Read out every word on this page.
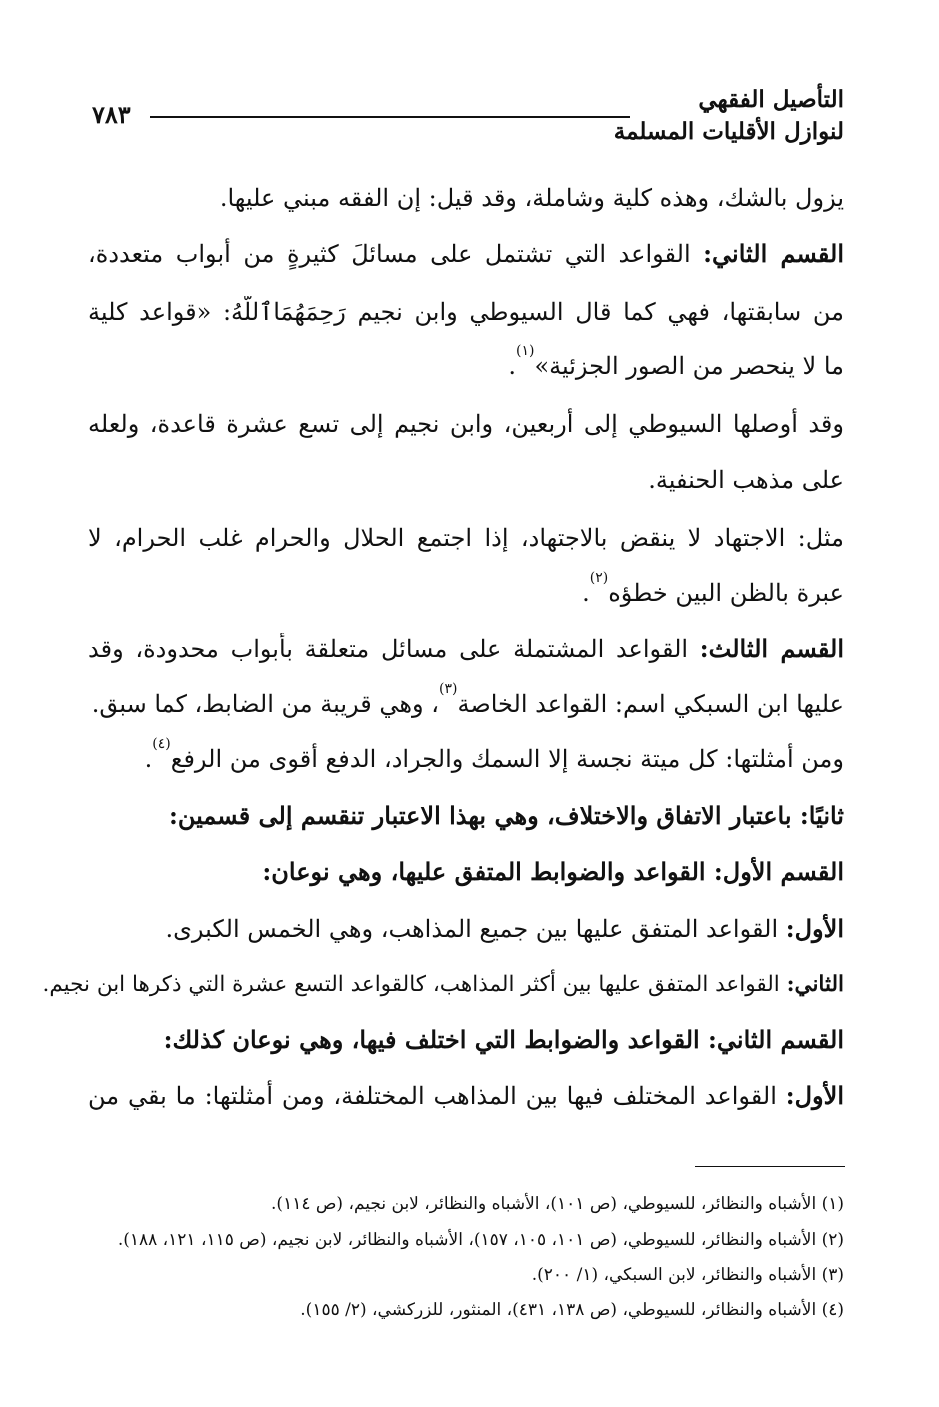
التأصيل الفقهي
لنوازل الأقليات المسلمة
٧٨٣
يزول بالشك، وهذه كلية وشاملة، وقد قيل: إن الفقه مبني عليها.
القسم الثاني: القواعد التي تشتمل على مسائلَ كثيرةٍ من أبواب متعددة،
من سابقتها، فهي كما قال السيوطي وابن نجيم رَحِمَهُمَاٱللَّهُ: «قواعد كلية
ما لا ينحصر من الصور الجزئية»$^{(١)}$.
وقد أوصلها السيوطي إلى أربعين، وابن نجيم إلى تسع عشرة قاعدة، ولعله
على مذهب الحنفية.
مثل: الاجتهاد لا ينقض بالاجتهاد، إذا اجتمع الحلال والحرام غلب الحرام، لا
عبرة بالظن البين خطؤه$^{(٢)}$.
القسم الثالث: القواعد المشتملة على مسائل متعلقة بأبواب محدودة، وقد
عليها ابن السبكي اسم: القواعد الخاصة$^{(٣)}$، وهي قريبة من الضابط، كما سبق.
ومن أمثلتها: كل ميتة نجسة إلا السمك والجراد، الدفع أقوى من الرفع$^{(٤)}$.
ثانيًا: باعتبار الاتفاق والاختلاف، وهي بهذا الاعتبار تنقسم إلى قسمين:
القسم الأول: القواعد والضوابط المتفق عليها، وهي نوعان:
الأول: القواعد المتفق عليها بين جميع المذاهب، وهي الخمس الكبرى.
الثاني: القواعد المتفق عليها بين أكثر المذاهب، كالقواعد التسع عشرة التي ذكرها ابن نجيم.
القسم الثاني: القواعد والضوابط التي اختلف فيها، وهي نوعان كذلك:
الأول: القواعد المختلف فيها بين المذاهب المختلفة، ومن أمثلتها: ما بقي من
(١) الأشباه والنظائر، للسيوطي، (ص ١٠١)، الأشباه والنظائر، لابن نجيم، (ص ١١٤).
(٢) الأشباه والنظائر، للسيوطي، (ص ١٠١، ١٠٥، ١٥٧)، الأشباه والنظائر، لابن نجيم، (ص ١١٥، ١٢١، ١٨٨).
(٣) الأشباه والنظائر، لابن السبكي، (١/ ٢٠٠).
(٤) الأشباه والنظائر، للسيوطي، (ص ١٣٨، ٤٣١)، المنثور، للزركشي، (٢/ ١٥٥).
